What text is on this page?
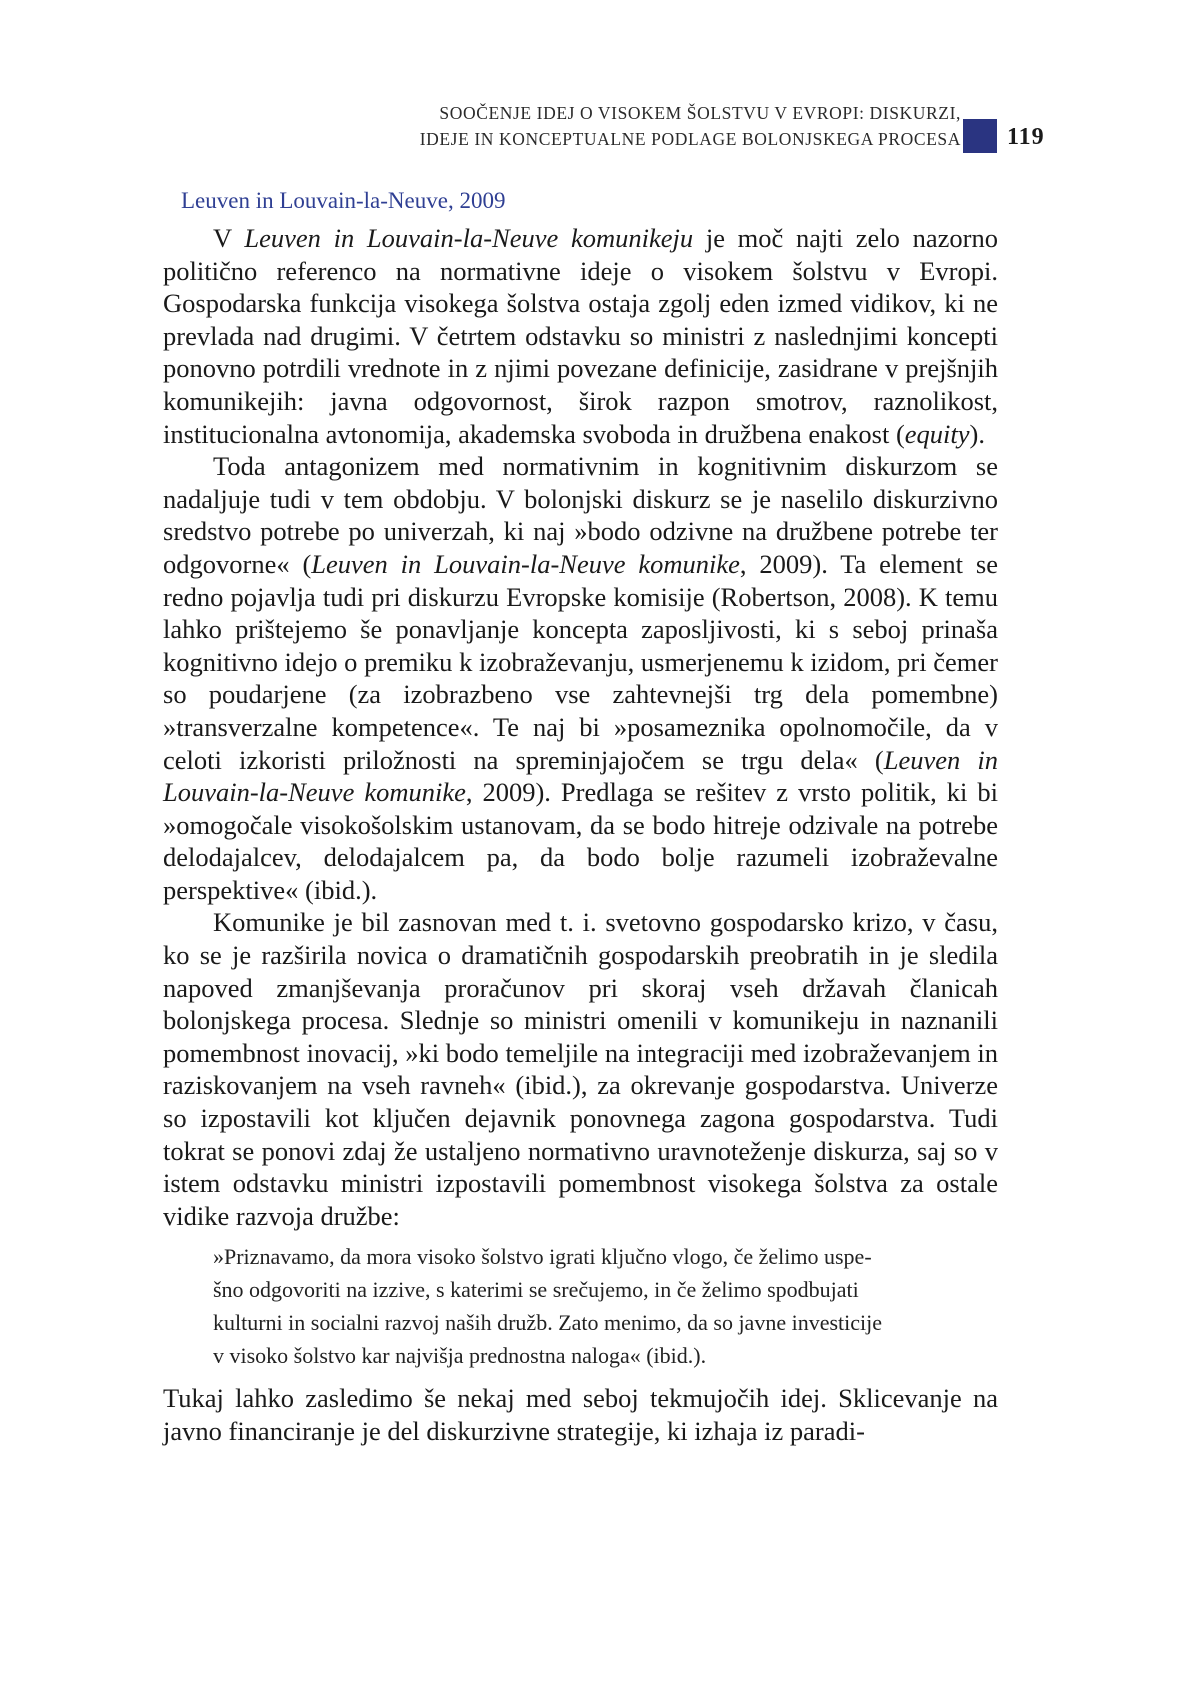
SOOČENJE IDEJ O VISOKEM ŠOLSTVU V EVROPI: DISKURZI,
IDEJE IN KONCEPTUALNE PODLAGE BOLONJSKEGA PROCESA 119
Leuven in Louvain-la-Neuve, 2009

V Leuven in Louvain-la-Neuve komunikeju je moč najti zelo nazorno politično referenco na normativne ideje o visokem šolstvu v Evropi. Gospodarska funkcija visokega šolstva ostaja zgolj eden izmed vidikov, ki ne prevlada nad drugimi. V četrtem odstavku so ministri z naslednjimi koncepti ponovno potrdili vrednote in z njimi povezane definicije, zasidrane v prejšnjih komunikejih: javna odgovornost, širok razpon smotrov, raznolikost, institucionalna avtonomija, akademska svoboda in družbena enakost (equity).

Toda antagonizem med normativnim in kognitivnim diskurzom se nadaljuje tudi v tem obdobju. V bolonjski diskurz se je naselilo diskurzivno sredstvo potrebe po univerzah, ki naj »bodo odzivne na družbene potrebe ter odgovorne« (Leuven in Louvain-la-Neuve komunike, 2009). Ta element se redno pojavlja tudi pri diskurzu Evropske komisije (Robertson, 2008). K temu lahko prištejemo še ponavljanje koncepta zaposljivosti, ki s seboj prinaša kognitivno idejo o premiku k izobraževanju, usmerjenemu k izidom, pri čemer so poudarjene (za izobrazbeno vse zahtevnejši trg dela pomembne) »transverzalne kompetence«. Te naj bi »posameznika opolnomočile, da v celoti izkoristi priložnosti na spreminjajočem se trgu dela« (Leuven in Louvain-la-Neuve komunike, 2009). Predlaga se rešitev z vrsto politik, ki bi »omogočale visokošolskim ustanovam, da se bodo hitreje odzivale na potrebe delodajalcev, delodajalcem pa, da bodo bolje razumeli izobraževalne perspektive« (ibid.).

Komunike je bil zasnovan med t. i. svetovno gospodarsko krizo, v času, ko se je razširila novica o dramatičnih gospodarskih preobratih in je sledila napoved zmanjševanja proračunov pri skoraj vseh državah članicah bolonjskega procesa. Slednje so ministri omenili v komunikeju in naznanili pomembnost inovacij, »ki bodo temeljile na integraciji med izobraževanjem in raziskovanjem na vseh ravneh« (ibid.), za okrevanje gospodarstva. Univerze so izpostavili kot ključen dejavnik ponovnega zagona gospodarstva. Tudi tokrat se ponovi zdaj že ustaljeno normativno uravnoteženje diskurza, saj so v istem odstavku ministri izpostavili pomembnost visokega šolstva za ostale vidike razvoja družbe:

»Priznavamo, da mora visoko šolstvo igrati ključno vlogo, če želimo uspe-
šno odgovoriti na izzive, s katerimi se srečujemo, in če želimo spodbujati
kulturni in socialni razvoj naših družb. Zato menimo, da so javne investicije
v visoko šolstvo kar najvišja prednostna naloga« (ibid.).

Tukaj lahko zasledimo še nekaj med seboj tekmujočih idej. Sklicevanje na javno financiranje je del diskurzivne strategije, ki izhaja iz paradi-
